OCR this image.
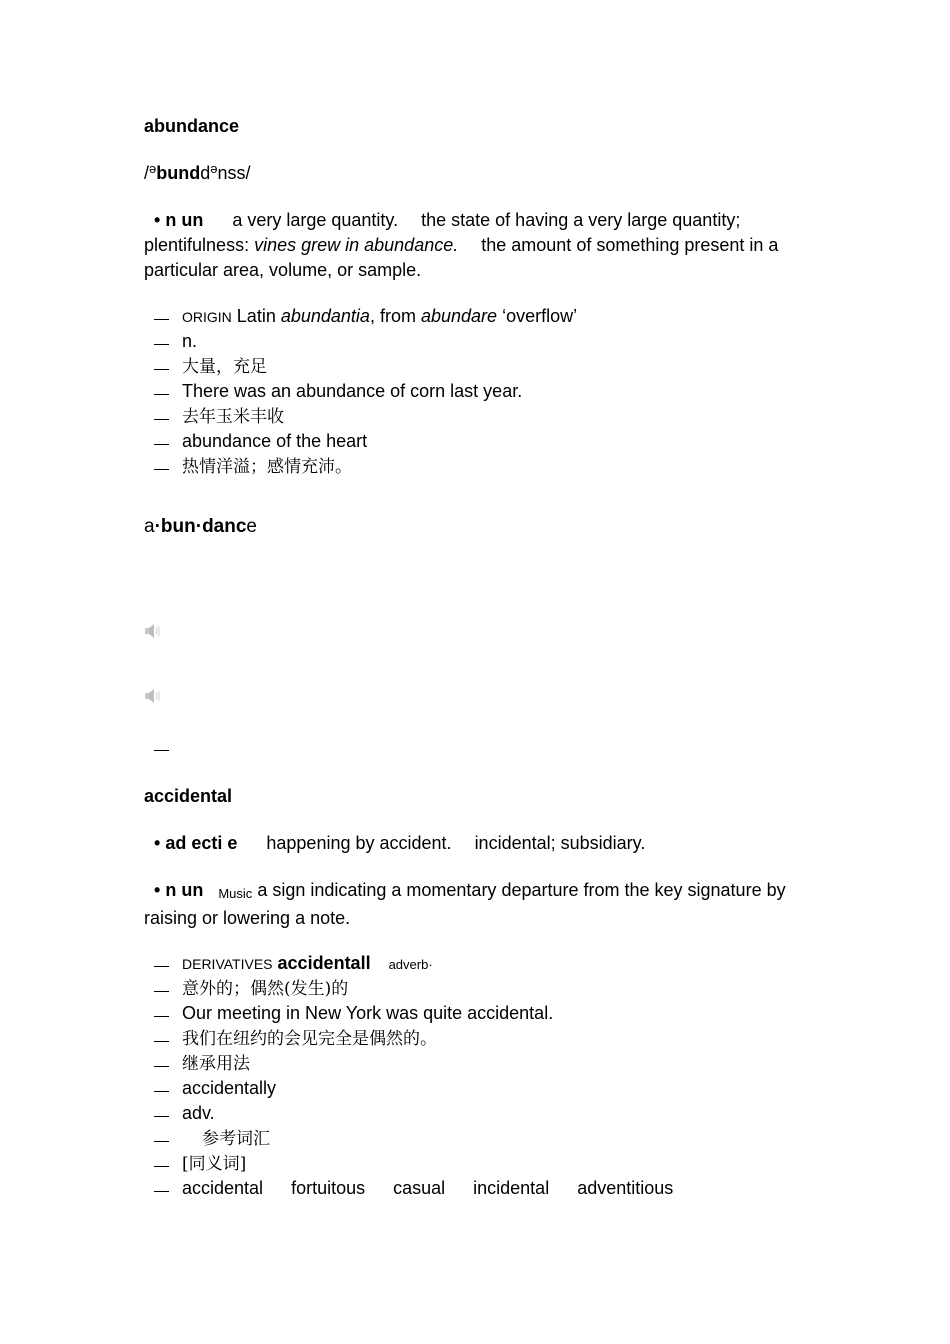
abundance
/$^ə$bundd$^ə$nss/
• n un a very large quantity. the state of having a very large quantity; plentifulness: vines grew in abundance. the amount of something present in a particular area, volume, or sample.
ORIGIN Latin abundantia, from abundare ‘overflow’
n.
大量，充足
There was an abundance of corn last year.
去年玉米丰收
abundance of the heart
热情洋溢；感情充沛。
a·bun·dance
accidental
• ad ecti e happening by accident. incidental; subsidiary.
• n un Music a sign indicating a momentary departure from the key signature by raising or lowering a note.
DERIVATIVES accidentall adverb·
意外的；偶然(发生)的
Our meeting in New York was quite accidental.
我们在纽约的会见完全是偶然的。
继承用法
accidentally
adv.
参考词汇
[同义词]
accidental fortuitous casual incidental adventitious
